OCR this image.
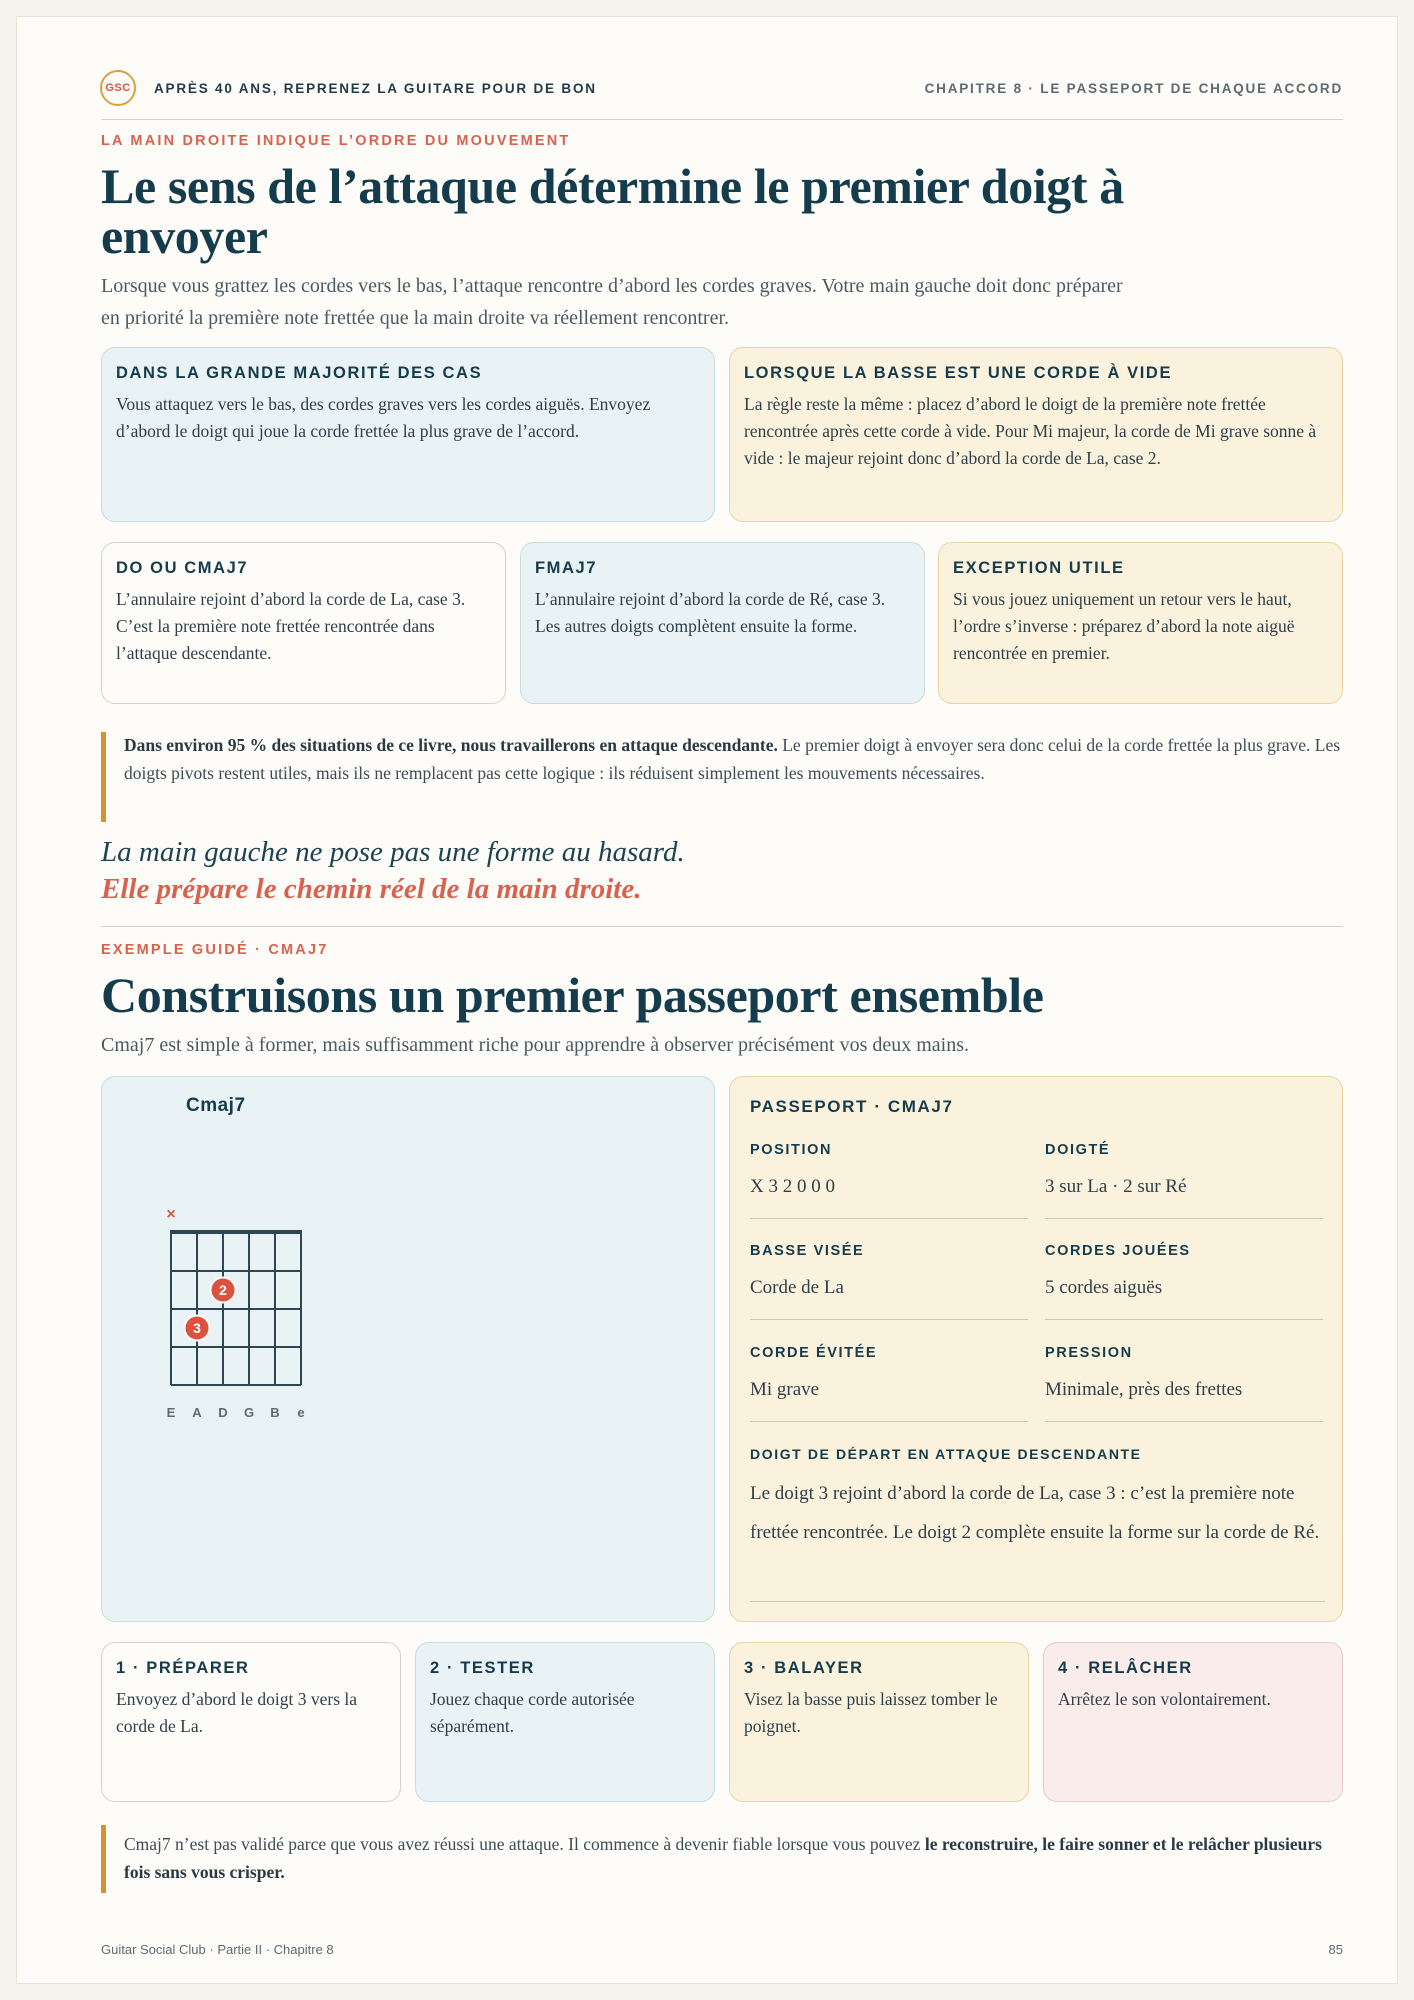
GSC	APRÈS 40 ANS, REPRENEZ LA GUITARE POUR DE BON	CHAPITRE 8 · LE PASSEPORT DE CHAQUE ACCORD
LA MAIN DROITE INDIQUE L’ORDRE DU MOUVEMENT
Le sens de l’attaque détermine le premier doigt à
envoyer
Lorsque vous grattez les cordes vers le bas, l’attaque rencontre d’abord les cordes graves. Votre main gauche doit donc préparer
en priorité la première note frettée que la main droite va réellement rencontrer.
DANS LA GRANDE MAJORITÉ DES CAS
Vous attaquez vers le bas, des cordes graves vers les cordes aiguës. Envoyez d’abord le doigt qui joue la corde frettée la plus grave de l’accord.
LORSQUE LA BASSE EST UNE CORDE À VIDE
La règle reste la même : placez d’abord le doigt de la première note frettée rencontrée après cette corde à vide. Pour Mi majeur, la corde de Mi grave sonne à vide : le majeur rejoint donc d’abord la corde de La, case 2.
DO OU CMAJ7
L’annulaire rejoint d’abord la corde de La, case 3. C’est la première note frettée rencontrée dans l’attaque descendante.
FMAJ7
L’annulaire rejoint d’abord la corde de Ré, case 3. Les autres doigts complètent ensuite la forme.
EXCEPTION UTILE
Si vous jouez uniquement un retour vers le haut, l’ordre s’inverse : préparez d’abord la note aiguë rencontrée en premier.
Dans environ 95 % des situations de ce livre, nous travaillerons en attaque descendante. Le premier doigt à envoyer sera donc celui de la corde frettée la plus grave. Les doigts pivots restent utiles, mais ils ne remplacent pas cette logique : ils réduisent simplement les mouvements nécessaires.
La main gauche ne pose pas une forme au hasard.
Elle prépare le chemin réel de la main droite.
EXEMPLE GUIDÉ · CMAJ7
Construisons un premier passeport ensemble
Cmaj7 est simple à former, mais suffisamment riche pour apprendre à observer précisément vos deux mains.
Cmaj7
×
3
2
E A D G B e
PASSEPORT · CMAJ7
POSITION
X 3 2 0 0 0
DOIGTÉ
3 sur La · 2 sur Ré
BASSE VISÉE
Corde de La
CORDES JOUÉES
5 cordes aiguës
CORDE ÉVITÉE
Mi grave
PRESSION
Minimale, près des frettes
DOIGT DE DÉPART EN ATTAQUE DESCENDANTE
Le doigt 3 rejoint d’abord la corde de La, case 3 : c’est la première note frettée rencontrée. Le doigt 2 complète ensuite la forme sur la corde de Ré.
1 · PRÉPARER
Envoyez d’abord le doigt 3 vers la corde de La.
2 · TESTER
Jouez chaque corde autorisée séparément.
3 · BALAYER
Visez la basse puis laissez tomber le poignet.
4 · RELÂCHER
Arrêtez le son volontairement.
Cmaj7 n’est pas validé parce que vous avez réussi une attaque. Il commence à devenir fiable lorsque vous pouvez le reconstruire, le faire sonner et le relâcher plusieurs fois sans vous crisper.
Guitar Social Club · Partie II · Chapitre 8	85
